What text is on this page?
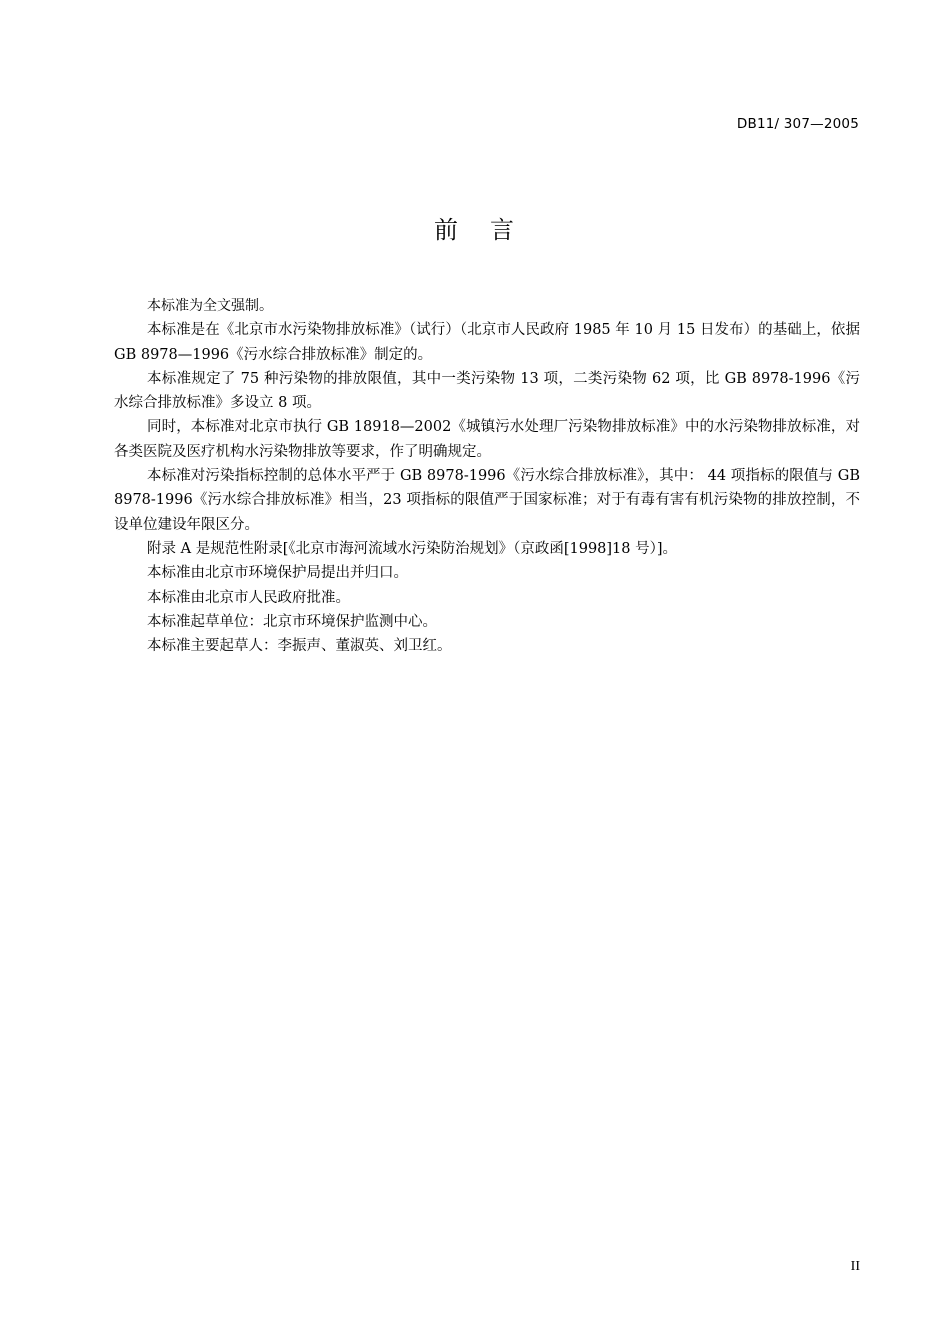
DB11/ 307—2005
前 言

本标准为全文强制。

本标准是在《北京市水污染物排放标准》（试行）（北京市人民政府 1985 年 10 月 15 日发布）的基础上，依据 GB 8978—1996《污水综合排放标准》制定的。

本标准规定了 75 种污染物的排放限值，其中一类污染物 13 项，二类污染物 62 项，比 GB 8978-1996《污水综合排放标准》多设立 8 项。

同时，本标准对北京市执行 GB 18918—2002《城镇污水处理厂污染物排放标准》中的水污染物排放标准，对各类医院及医疗机构水污染物排放等要求，作了明确规定。

本标准对污染指标控制的总体水平严于 GB 8978-1996《污水综合排放标准》，其中： 44 项指标的限值与 GB 8978-1996《污水综合排放标准》相当，23 项指标的限值严于国家标准；对于有毒有害有机污染物的排放控制，不设单位建设年限区分。

附录 A 是规范性附录[《北京市海河流域水污染防治规划》（京政函[1998]18 号）]。

本标准由北京市环境保护局提出并归口。

本标准由北京市人民政府批准。

本标准起草单位：北京市环境保护监测中心。

本标准主要起草人：李振声、董淑英、刘卫红。

II
